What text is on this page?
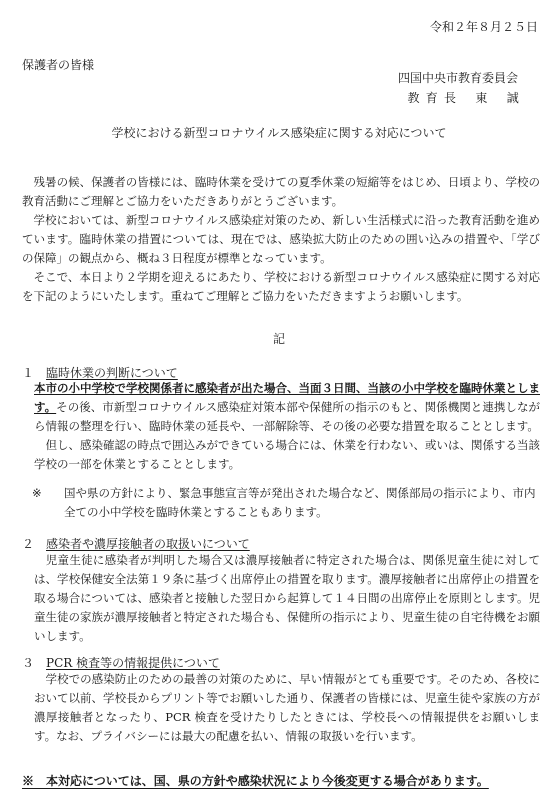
令和２年８月２５日
保護者の皆様
四国中央市教育委員会
教 育 長　 東　 誠
学校における新型コロナウイルス感染症に関する対応について

　残暑の候、保護者の皆様には、臨時休業を受けての夏季休業の短縮等をはじめ、日頃より、学校の教育活動にご理解とご協力をいただきありがとうございます。

　学校においては、新型コロナウイルス感染症対策のため、新しい生活様式に沿った教育活動を進めています。臨時休業の措置については、現在では、感染拡大防止のための囲い込みの措置や、「学びの保障」の観点から、概ね３日程度が標準となっています。

　そこで、本日より２学期を迎えるにあたり、学校における新型コロナウイルス感染症に関する対応を下記のようにいたします。重ねてご理解とご協力をいただきますようお願いします。

記
１ 臨時休業の判断について

本市の小中学校で学校関係者に感染者が出た場合、当面３日間、当該の小中学校を臨時休業とします。その後、市新型コロナウイルス感染症対策本部や保健所の指示のもと、関係機関と連携しながら情報の整理を行い、臨時休業の延長や、一部解除等、その後の必要な措置を取ることとします。

　但し、感染確認の時点で囲込みができている場合には、休業を行わない、或いは、関係する当該学校の一部を休業とすることとします。

※	国や県の方針により、緊急事態宣言等が発出された場合など、関係部局の指示により、市内全ての小中学校を臨時休業とすることもあります。
２ 感染者や濃厚接触者の取扱いについて

　児童生徒に感染者が判明した場合又は濃厚接触者に特定された場合は、関係児童生徒に対しては、学校保健安全法第１９条に基づく出席停止の措置を取ります。濃厚接触者に出席停止の措置を取る場合については、感染者と接触した翌日から起算して１４日間の出席停止を原則とします。児童生徒の家族が濃厚接触者と特定された場合も、保健所の指示により、児童生徒の自宅待機をお願いします。

３ PCR 検査等の情報提供について

　学校での感染防止のための最善の対策のために、早い情報がとても重要です。そのため、各校において以前、学校長からプリント等でお願いした通り、保護者の皆様には、児童生徒や家族の方が濃厚接触者となったり、PCR 検査を受けたりしたときには、学校長への情報提供をお願いします。なお、プライバシーには最大の配慮を払い、情報の取扱いを行います。

※　本対応については、国、県の方針や感染状況により今後変更する場合があります。
